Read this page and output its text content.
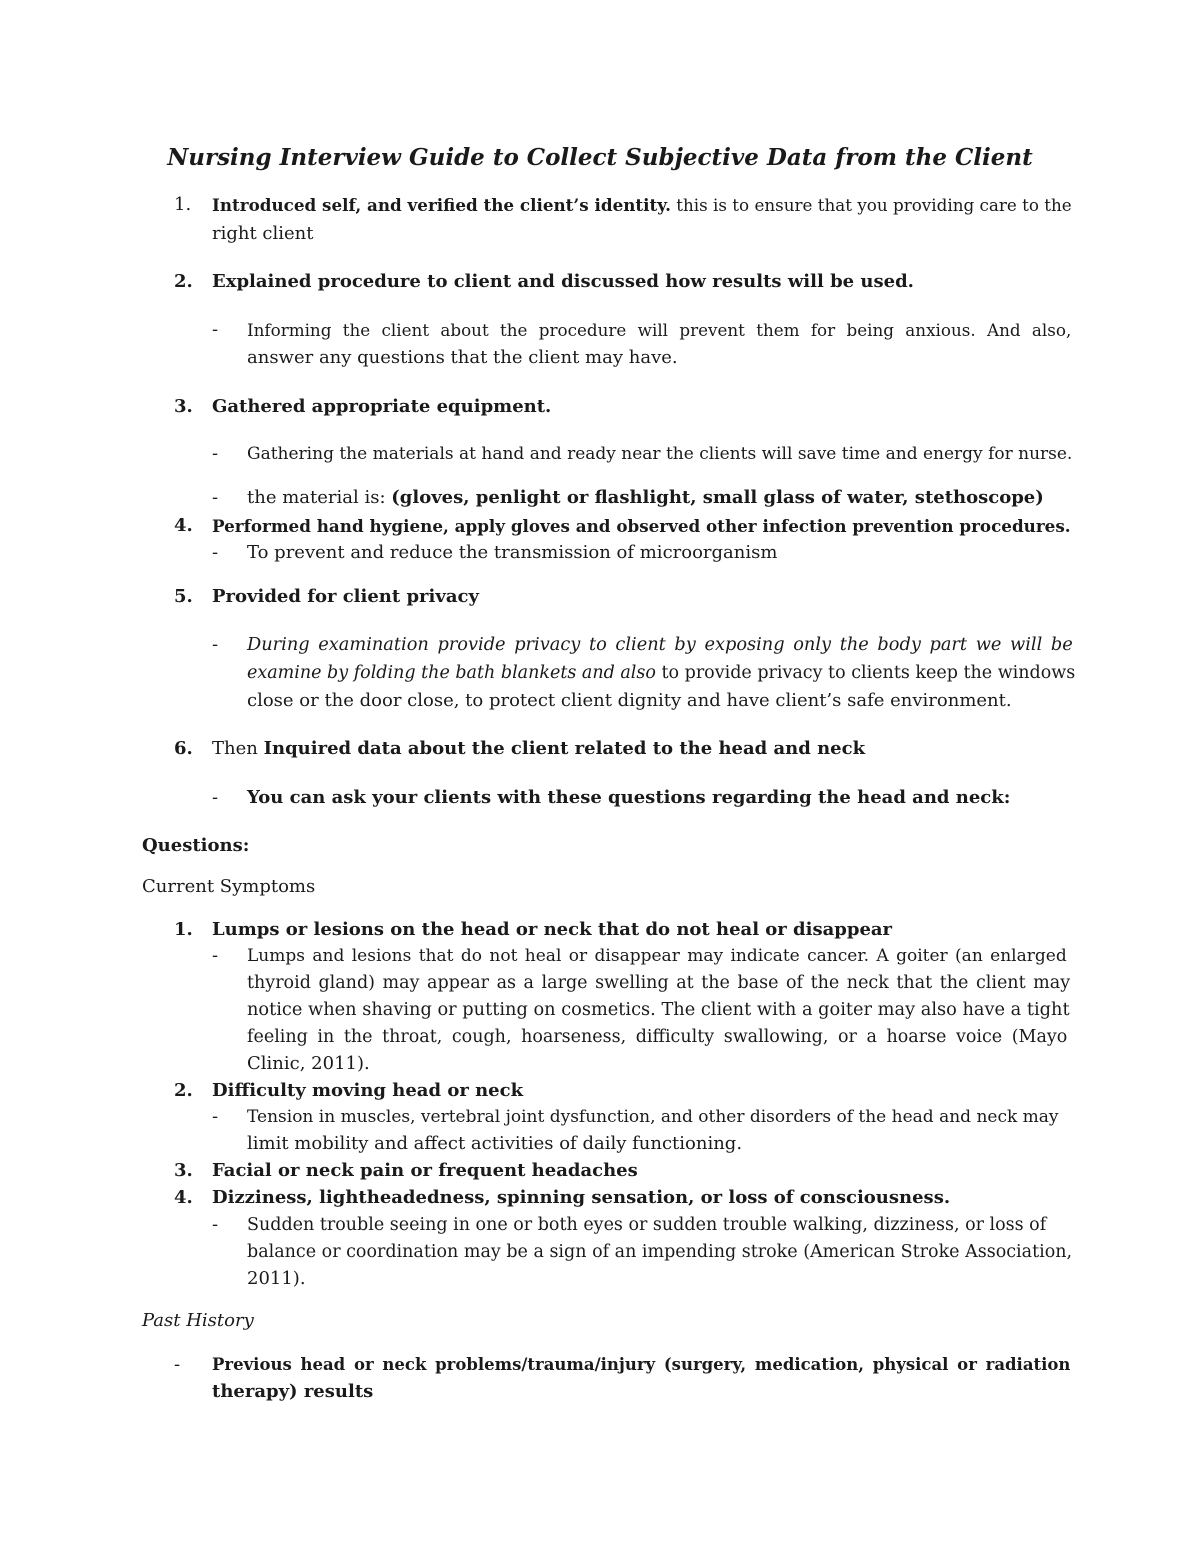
Nursing Interview Guide to Collect Subjective Data from the Client
1. Introduced self, and verified the client’s identity. this is to ensure that you providing care to the
right client
2. Explained procedure to client and discussed how results will be used.
- Informing the client about the procedure will prevent them for being anxious. And also,
answer any questions that the client may have.
3. Gathered appropriate equipment.
- Gathering the materials at hand and ready near the clients will save time and energy for nurse.
- the material is: (gloves, penlight or flashlight, small glass of water, stethoscope)
4. Performed hand hygiene, apply gloves and observed other infection prevention procedures.
- To prevent and reduce the transmission of microorganism
5. Provided for client privacy
- During examination provide privacy to client by exposing only the body part we will be
examine by folding the bath blankets and also to provide privacy to clients keep the windows
close or the door close, to protect client dignity and have client’s safe environment.
6. Then Inquired data about the client related to the head and neck
- You can ask your clients with these questions regarding the head and neck:
Questions:
Current Symptoms
1. Lumps or lesions on the head or neck that do not heal or disappear
- Lumps and lesions that do not heal or disappear may indicate cancer. A goiter (an enlarged
thyroid gland) may appear as a large swelling at the base of the neck that the client may
notice when shaving or putting on cosmetics. The client with a goiter may also have a tight
feeling in the throat, cough, hoarseness, difficulty swallowing, or a hoarse voice (Mayo
Clinic, 2011).
2. Difficulty moving head or neck
- Tension in muscles, vertebral joint dysfunction, and other disorders of the head and neck may
limit mobility and affect activities of daily functioning.
3. Facial or neck pain or frequent headaches
4. Dizziness, lightheadedness, spinning sensation, or loss of consciousness.
- Sudden trouble seeing in one or both eyes or sudden trouble walking, dizziness, or loss of
balance or coordination may be a sign of an impending stroke (American Stroke Association,
2011).
Past History
- Previous head or neck problems/trauma/injury (surgery, medication, physical or radiation
therapy) results
